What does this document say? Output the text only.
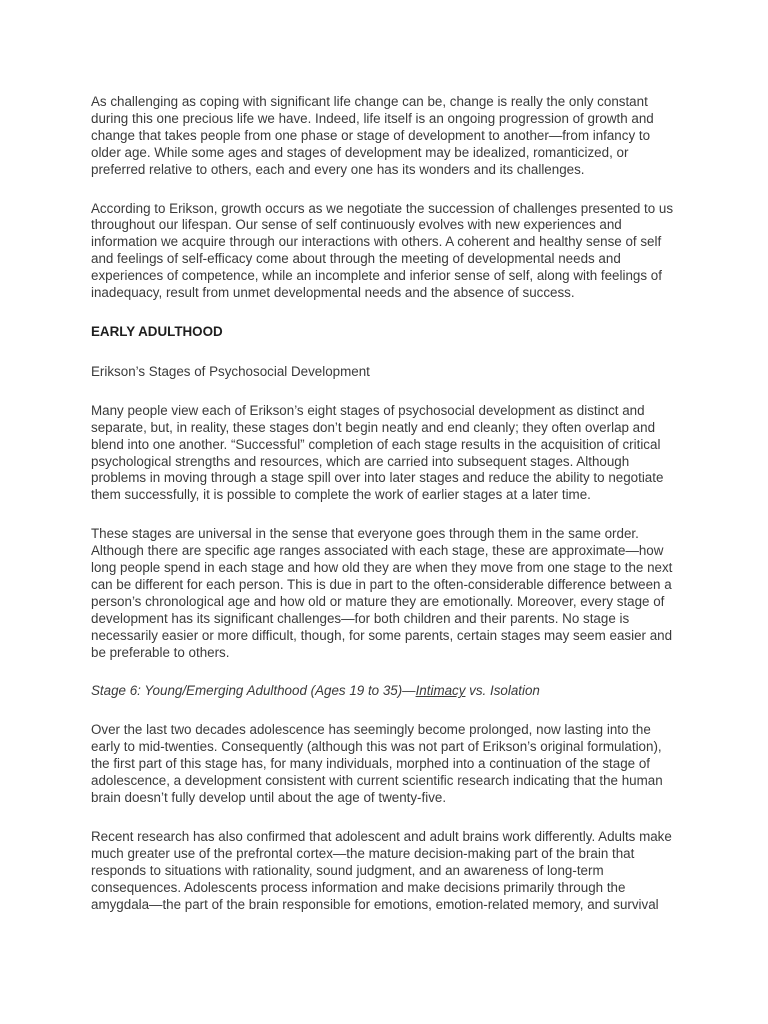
As challenging as coping with significant life change can be, change is really the only constant during this one precious life we have. Indeed, life itself is an ongoing progression of growth and change that takes people from one phase or stage of development to another—from infancy to older age. While some ages and stages of development may be idealized, romanticized, or preferred relative to others, each and every one has its wonders and its challenges.

According to Erikson, growth occurs as we negotiate the succession of challenges presented to us throughout our lifespan. Our sense of self continuously evolves with new experiences and information we acquire through our interactions with others. A coherent and healthy sense of self and feelings of self-efficacy come about through the meeting of developmental needs and experiences of competence, while an incomplete and inferior sense of self, along with feelings of inadequacy, result from unmet developmental needs and the absence of success.

EARLY ADULTHOOD

Erikson’s Stages of Psychosocial Development

Many people view each of Erikson’s eight stages of psychosocial development as distinct and separate, but, in reality, these stages don’t begin neatly and end cleanly; they often overlap and blend into one another. “Successful” completion of each stage results in the acquisition of critical psychological strengths and resources, which are carried into subsequent stages. Although problems in moving through a stage spill over into later stages and reduce the ability to negotiate them successfully, it is possible to complete the work of earlier stages at a later time.

These stages are universal in the sense that everyone goes through them in the same order. Although there are specific age ranges associated with each stage, these are approximate—how long people spend in each stage and how old they are when they move from one stage to the next can be different for each person. This is due in part to the often-considerable difference between a person’s chronological age and how old or mature they are emotionally. Moreover, every stage of development has its significant challenges—for both children and their parents. No stage is necessarily easier or more difficult, though, for some parents, certain stages may seem easier and be preferable to others.

Stage 6: Young/Emerging Adulthood (Ages 19 to 35)—Intimacy vs. Isolation

Over the last two decades adolescence has seemingly become prolonged, now lasting into the early to mid-twenties. Consequently (although this was not part of Erikson’s original formulation), the first part of this stage has, for many individuals, morphed into a continuation of the stage of adolescence, a development consistent with current scientific research indicating that the human brain doesn’t fully develop until about the age of twenty-five.

Recent research has also confirmed that adolescent and adult brains work differently. Adults make much greater use of the prefrontal cortex—the mature decision-making part of the brain that responds to situations with rationality, sound judgment, and an awareness of long-term consequences. Adolescents process information and make decisions primarily through the amygdala—the part of the brain responsible for emotions, emotion-related memory, and survival
